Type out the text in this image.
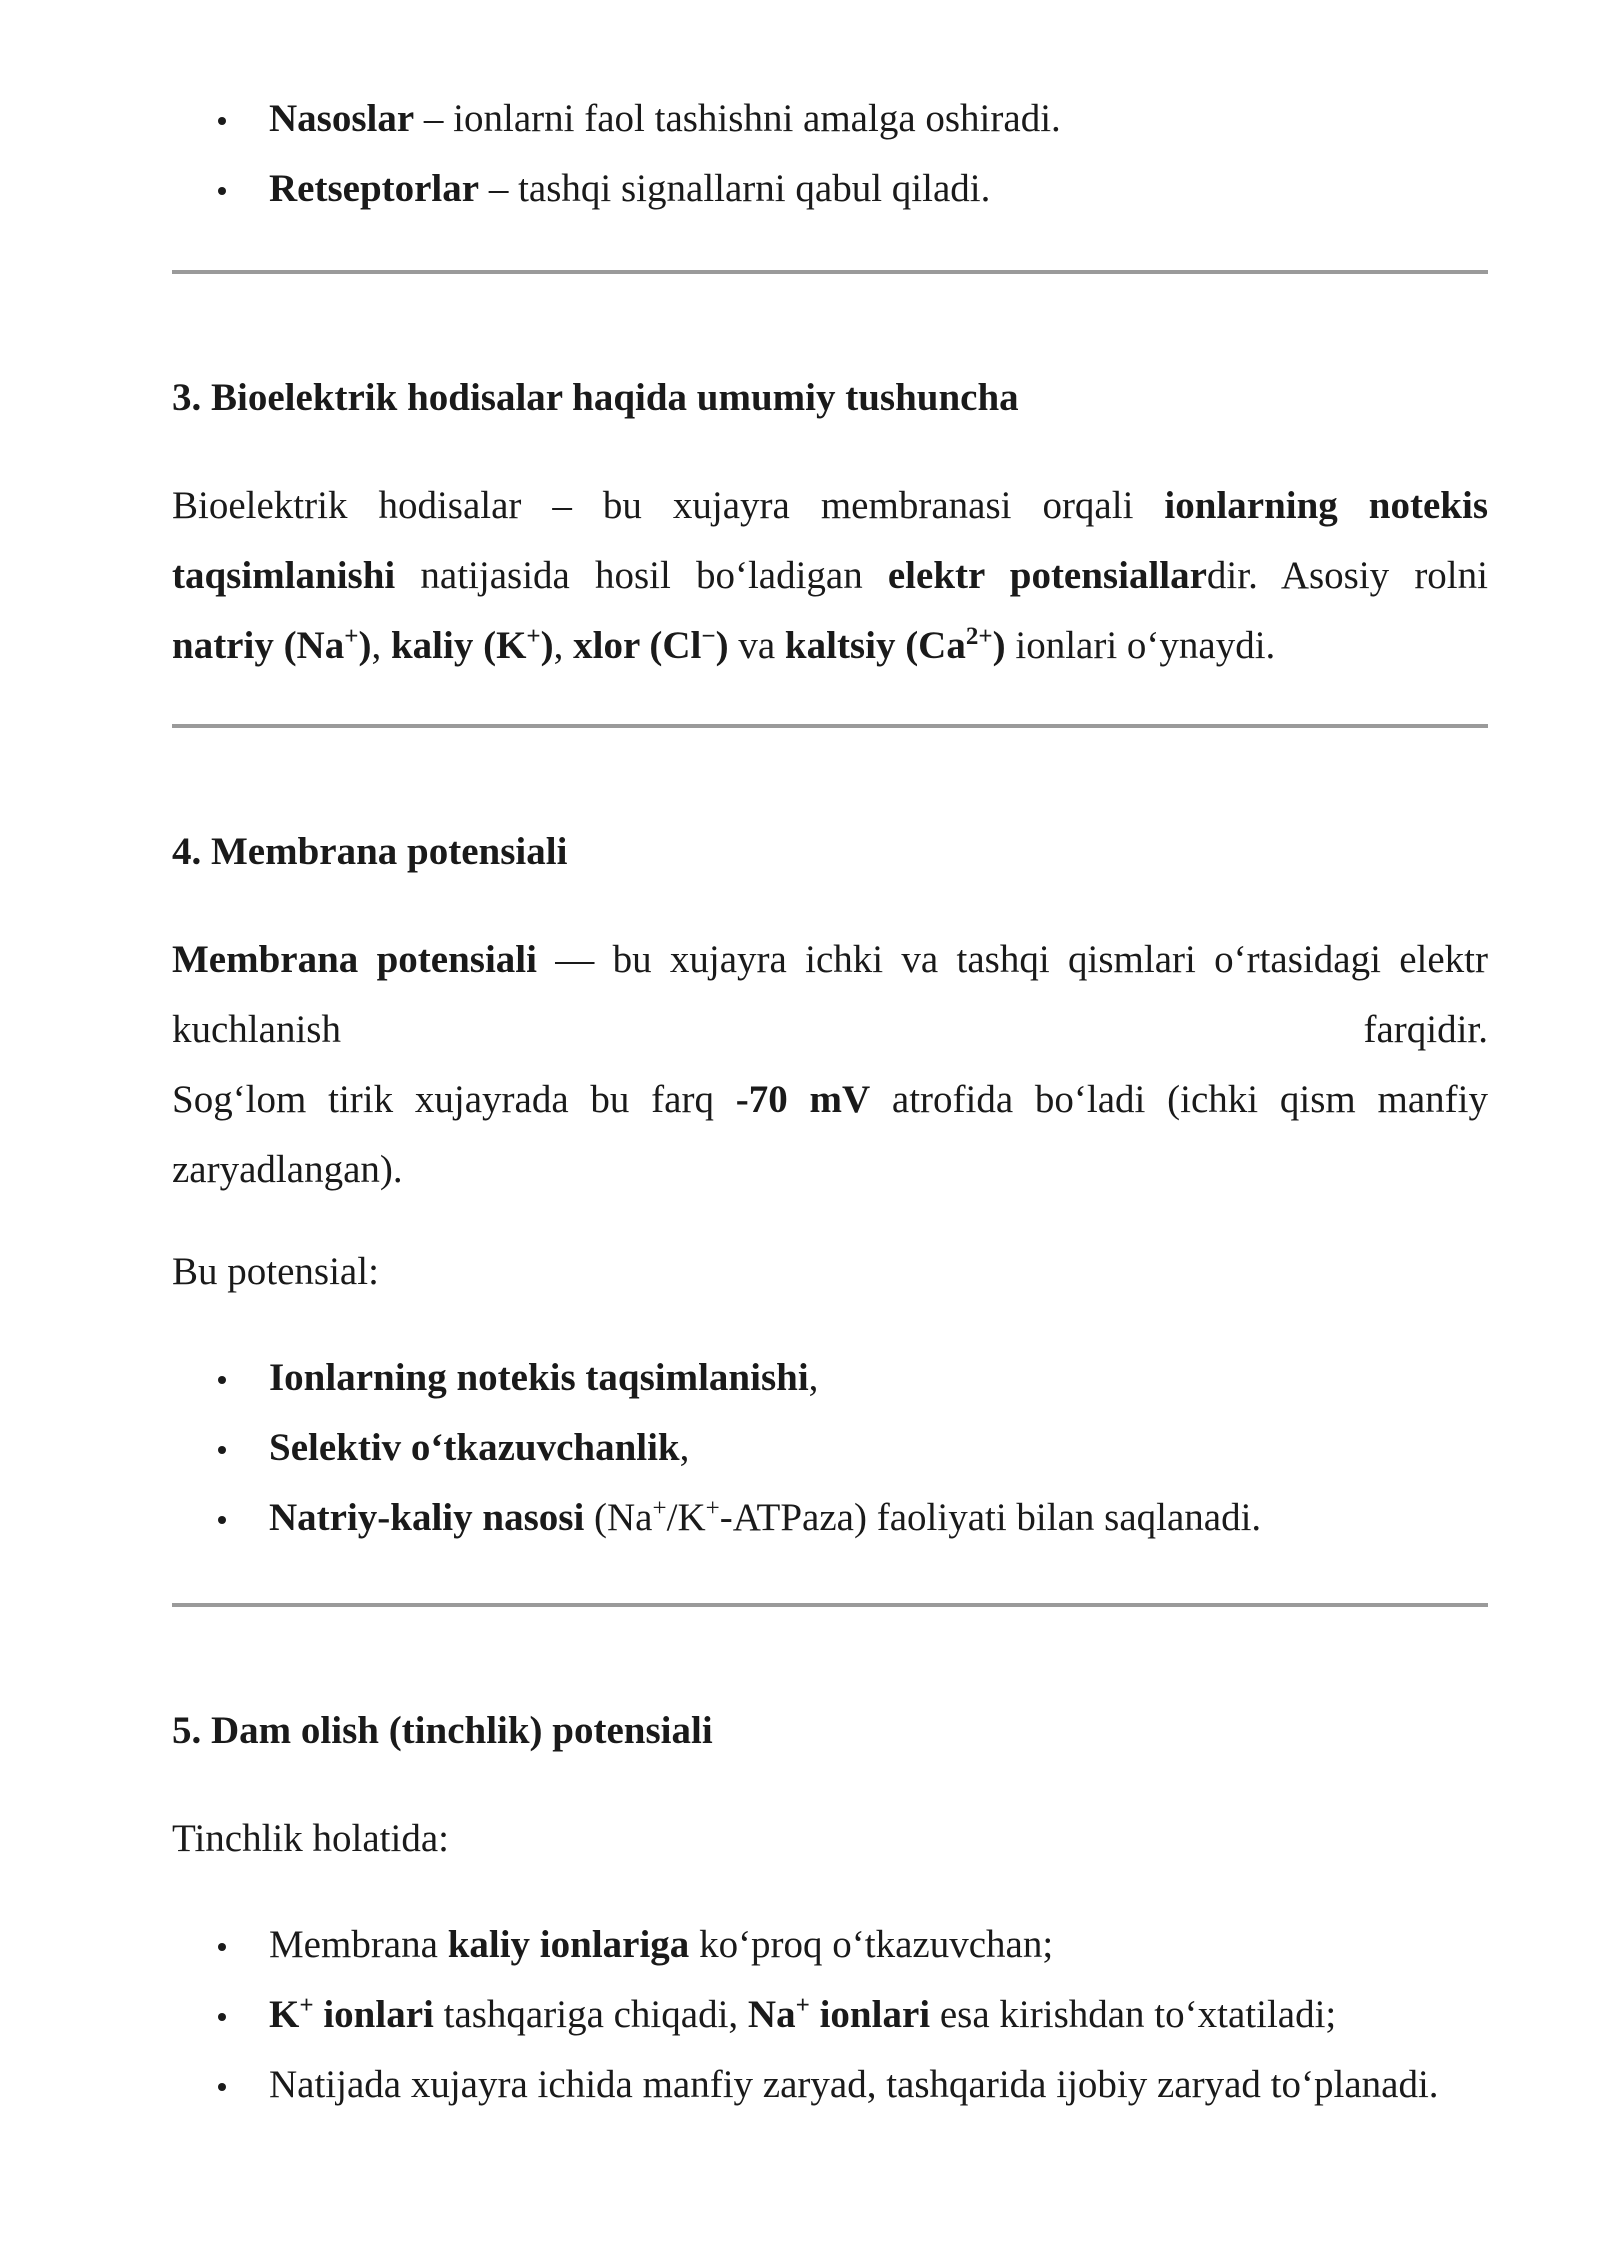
Nasoslar – ionlarni faol tashishni amalga oshiradi.
Retseptorlar – tashqi signallarni qabul qiladi.
3. Bioelektrik hodisalar haqida umumiy tushuncha

Bioelektrik hodisalar – bu xujayra membranasi orqali ionlarning notekis taqsimlanishi natijasida hosil bo‘ladigan elektr potensiallardir. Asosiy rolni natriy (Na+), kaliy (K+), xlor (Cl−) va kaltsiy $(Ca^{2+})$ ionlari o‘ynaydi.

4. Membrana potensiali
Membrana potensiali — bu xujayra ichki va tashqi qismlari o‘rtasidagi elektr
kuchlanish	farqidir.
Sog‘lom tirik xujayrada bu farq -70 mV atrofida bo‘ladi (ichki qism manfiy zaryadlangan).

Bu potensial:

Ionlarning notekis taqsimlanishi,
Selektiv o‘tkazuvchanlik,
Natriy-kaliy nasosi (Na+/K+-ATPaza) faoliyati bilan saqlanadi.
5. Dam olish (tinchlik) potensiali

Tinchlik holatida:

Membrana kaliy ionlariga ko‘proq o‘tkazuvchan;
K+ ionlari tashqariga chiqadi, Na+ ionlari esa kirishdan to‘xtatiladi;
Natijada xujayra ichida manfiy zaryad, tashqarida ijobiy zaryad to‘planadi.
